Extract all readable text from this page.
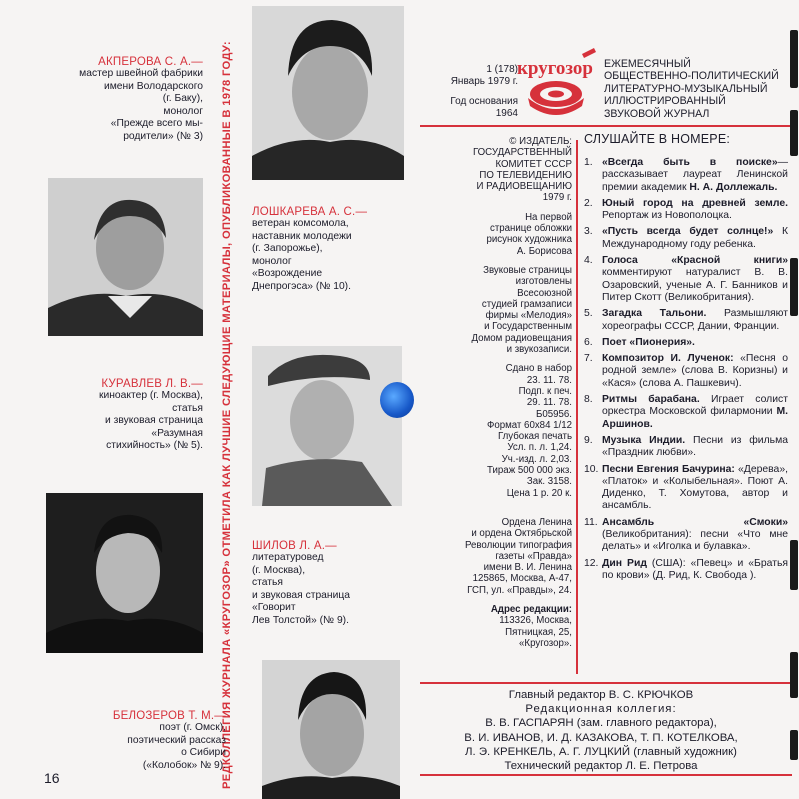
РЕДКОЛЛЕГИЯ ЖУРНАЛА «КРУГОЗОР» ОТМЕТИЛА КАК ЛУЧШИЕ СЛЕДУЮЩИЕ МАТЕРИАЛЫ, ОПУБЛИКОВАННЫЕ В 1978 ГОДУ:
АКПЕРОВА С. А.—
мастер швейной фабрики
имени Володарского
(г. Баку),
монолог
«Прежде всего мы-
родители» (№ 3)
КУРАВЛЕВ Л. В.—
киноактер (г. Москва),
статья
и звуковая страница
«Разумная
стихийность» (№ 5).
БЕЛОЗЕРОВ Т. М.—
поэт (г. Омск),
поэтический рассказ
о Сибири
(«Колобок» № 9).
16
ЛОШКАРЕВА А. С.—
ветеран комсомола,
наставник молодежи
(г. Запорожье),
монолог
«Возрождение
Днепрогэса» (№ 10).
ШИЛОВ Л. А.—
литературовед
(г. Москва),
статья
и звуковая страница
«Говорит
Лев Толстой» (№ 9).
1 (178)
Январь 1979 г.
Год основания
1964
кругозор ЕЖЕМЕСЯЧНЫЙ
ОБЩЕСТВЕННО-ПОЛИТИЧЕСКИЙ
ЛИТЕРАТУРНО-МУЗЫКАЛЬНЫЙ
ИЛЛЮСТРИРОВАННЫЙ
ЗВУКОВОЙ ЖУРНАЛ

© ИЗДАТЕЛЬ:
ГОСУДАРСТВЕННЫЙ
КОМИТЕТ СССР
ПО ТЕЛЕВИДЕНИЮ
И РАДИОВЕЩАНИЮ
1979 г.

На первой
странице обложки
рисунок художника
А. Борисова

Звуковые страницы
изготовлены
Всесоюзной
студией грамзаписи
фирмы «Мелодия»
и Государственным
Домом радиовещания
и звукозаписи.

Сдано в набор
23. 11. 78.
Подп. к печ.
29. 11. 78.
Б05956.
Формат 60x84 1/12
Глубокая печать
Усл. п. л. 1,24.
Уч.-изд. л. 2,03.
Тираж 500 000 экз.
Зак. 3158.
Цена 1 р. 20 к.

Ордена Ленина
и ордена Октябрьской
Революции типография
газеты «Правда»
имени В. И. Ленина
125865, Москва, А-47,
ГСП, ул. «Правды», 24.

Адрес редакции:
113326, Москва,
Пятницкая, 25,
«Кругозор».

СЛУШАЙТЕ В НОМЕРЕ:
1. «Всегда быть в поиске»—рассказывает лауреат Ленинской премии академик Н. А. Доллежаль.
2. Юный город на древней земле. Репортаж из Новополоцка.
3. «Пусть всегда будет солнце!» К Международному году ребенка.
4. Голоса «Красной книги» комментируют натуралист В. В. Озаровский, ученые А. Г. Банников и Питер Скотт (Великобритания).
5. Загадка Тальони. Размышляют хореографы СССР, Дании, Франции.
6. Поет «Пионерия».
7. Композитор И. Лученок: «Песня о родной земле» (слова В. Коризны) и «Кася» (слова А. Пашкевич).
8. Ритмы барабана. Играет солист оркестра Московской филармонии М. Аршинов.
9. Музыка Индии. Песни из фильма «Праздник любви».
10. Песни Евгения Бачурина: «Дерева», «Платок» и «Колыбельная». Поют А. Диденко, Т. Хомутова, автор и ансамбль.
11. Ансамбль «Смоки» (Великобритания): песни «Что мне делать» и «Иголка и булавка».
12. Дин Рид (США): «Певец» и «Братья по крови» (Д. Рид, К. Свобода ).
Главный редактор В. С. КРЮЧКОВ
Редакционная коллегия:
В. В. ГАСПАРЯН (зам. главного редактора),
В. И. ИВАНОВ, И. Д. КАЗАКОВА, Т. П. КОТЕЛКОВА,
Л. Э. КРЕНКЕЛЬ, А. Г. ЛУЦКИЙ (главный художник)
Технический редактор Л. Е. Петрова
